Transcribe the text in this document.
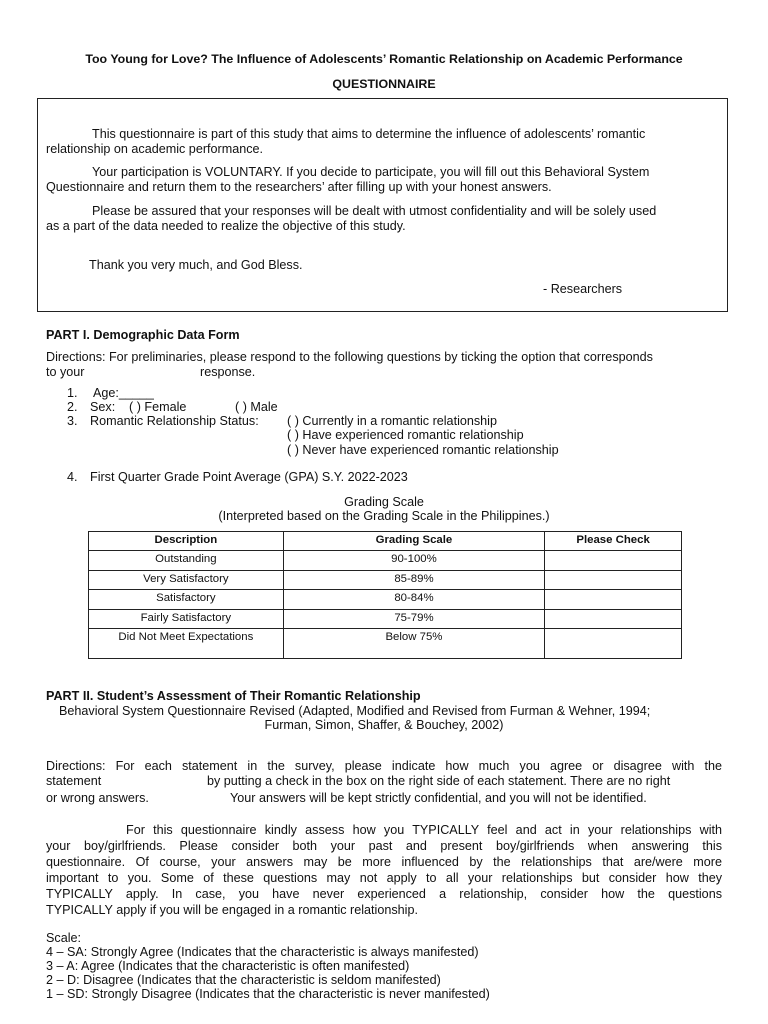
Too Young for Love? The Influence of Adolescents’ Romantic Relationship on Academic Performance
QUESTIONNAIRE
This questionnaire is part of this study that aims to determine the influence of adolescents’ romantic
relationship on academic performance.
Your participation is VOLUNTARY. If you decide to participate, you will fill out this Behavioral System
Questionnaire and return them to the researchers’ after filling up with your honest answers.
Please be assured that your responses will be dealt with utmost confidentiality and will be solely used
as a part of the data needed to realize the objective of this study.
Thank you very much, and God Bless.
- Researchers
PART I. Demographic Data Form
Directions: For preliminaries, please respond to the following questions by ticking the option that corresponds
to your	response.
1. Age:_____
2. Sex: ( ) Female	( ) Male
3. Romantic Relationship Status: ( ) Currently in a romantic relationship
( ) Have experienced romantic relationship
( ) Never have experienced romantic relationship
4. First Quarter Grade Point Average (GPA) S.Y. 2022-2023
Grading Scale
(Interpreted based on the Grading Scale in the Philippines.)
Description	Grading Scale	Please Check
Outstanding	90-100%	
Very Satisfactory	85-89%	
Satisfactory	80-84%	
Fairly Satisfactory	75-79%	
Did Not Meet Expectations	Below 75%	
PART II. Student’s Assessment of Their Romantic Relationship
Behavioral System Questionnaire Revised (Adapted, Modified and Revised from Furman & Wehner, 1994;
Furman, Simon, Shaffer, & Bouchey, 2002)
Directions: For each statement in the survey, please indicate how much you agree or disagree with the
statement	by putting a check in the box on the right side of each statement. There are no right
or wrong answers.	Your answers will be kept strictly confidential, and you will not be identified.
For this questionnaire kindly assess how you TYPICALLY feel and act in your relationships with
your boy/girlfriends. Please consider both your past and present boy/girlfriends when answering this
questionnaire. Of course, your answers may be more influenced by the relationships that are/were more
important to you. Some of these questions may not apply to all your relationships but consider how they
TYPICALLY apply. In case, you have never experienced a relationship, consider how the questions
TYPICALLY apply if you will be engaged in a romantic relationship.
Scale:
4 – SA: Strongly Agree (Indicates that the characteristic is always manifested)
3 – A: Agree (Indicates that the characteristic is often manifested)
2 – D: Disagree (Indicates that the characteristic is seldom manifested)
1 – SD: Strongly Disagree (Indicates that the characteristic is never manifested)
